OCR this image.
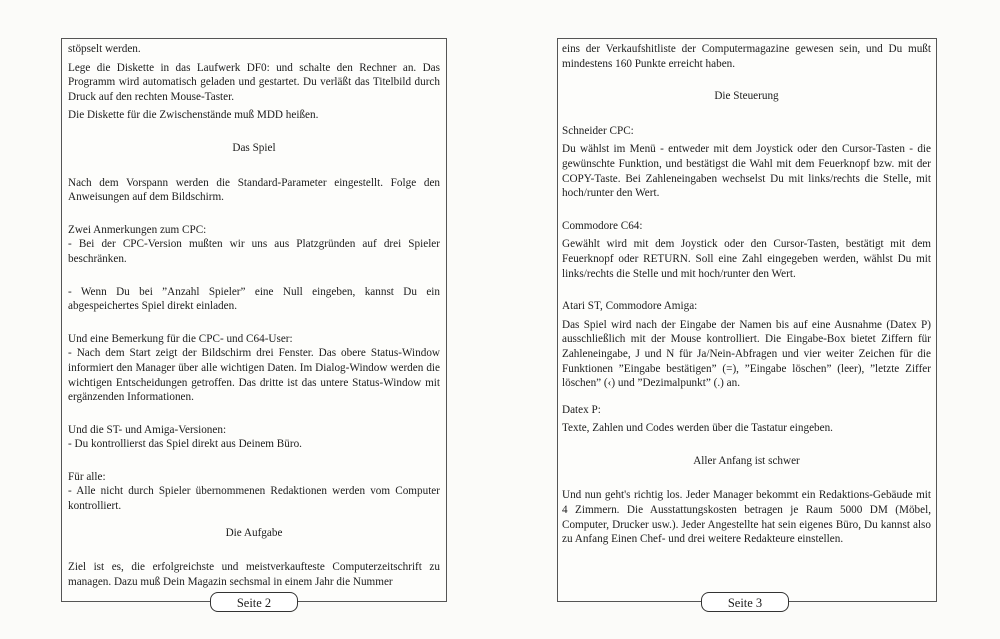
stöpselt werden.

Lege die Diskette in das Laufwerk DF0: und schalte den Rechner an. Das Programm wird automatisch geladen und gestartet. Du verläßt das Titelbild durch Druck auf den rechten Mouse-Taster.

Die Diskette für die Zwischenstände muß MDD heißen.

Das Spiel

Nach dem Vorspann werden die Standard-Parameter eingestellt. Folge den Anweisungen auf dem Bildschirm.

Zwei Anmerkungen zum CPC:

- Bei der CPC-Version mußten wir uns aus Platzgründen auf drei Spieler beschränken.

- Wenn Du bei ”Anzahl Spieler” eine Null eingeben, kannst Du ein abgespeichertes Spiel direkt einladen.

Und eine Bemerkung für die CPC- und C64-User:

- Nach dem Start zeigt der Bildschirm drei Fenster. Das obere Status-Window informiert den Manager über alle wichtigen Daten. Im Dialog-Window werden die wichtigen Entscheidungen getroffen. Das dritte ist das untere Status-Window mit ergänzenden Informationen.

Und die ST- und Amiga-Versionen:

- Du kontrollierst das Spiel direkt aus Deinem Büro.

Für alle:

- Alle nicht durch Spieler übernommenen Redaktionen werden vom Computer kontrolliert.

Die Aufgabe

Ziel ist es, die erfolgreichste und meistverkaufteste Computerzeitschrift zu managen. Dazu muß Dein Magazin sechsmal in einem Jahr die Nummer

Seite 2

eins der Verkaufshitliste der Computermagazine gewesen sein, und Du mußt mindestens 160 Punkte erreicht haben.

Die Steuerung

Schneider CPC:

Du wählst im Menü - entweder mit dem Joystick oder den Cursor-Tasten - die gewünschte Funktion, und bestätigst die Wahl mit dem Feuerknopf bzw. mit der COPY-Taste. Bei Zahleneingaben wechselst Du mit links/rechts die Stelle, mit hoch/runter den Wert.

Commodore C64:

Gewählt wird mit dem Joystick oder den Cursor-Tasten, bestätigt mit dem Feuerknopf oder RETURN. Soll eine Zahl eingegeben werden, wählst Du mit links/rechts die Stelle und mit hoch/runter den Wert.

Atari ST, Commodore Amiga:

Das Spiel wird nach der Eingabe der Namen bis auf eine Ausnahme (Datex P) ausschließlich mit der Mouse kontrolliert. Die Eingabe-Box bietet Ziffern für Zahleneingabe, J und N für Ja/Nein-Abfragen und vier weiter Zeichen für die Funktionen ”Eingabe bestätigen” (=), ”Eingabe löschen” (leer), ”letzte Ziffer löschen” (‹) und ”Dezimalpunkt” (.) an.

Datex P:

Texte, Zahlen und Codes werden über die Tastatur eingeben.

Aller Anfang ist schwer

Und nun geht's richtig los. Jeder Manager bekommt ein Redaktions-Gebäude mit 4 Zimmern. Die Ausstattungskosten betragen je Raum 5000 DM (Möbel, Computer, Drucker usw.). Jeder Angestellte hat sein eigenes Büro, Du kannst also zu Anfang Einen Chef- und drei weitere Redakteure einstellen.

Seite 3
